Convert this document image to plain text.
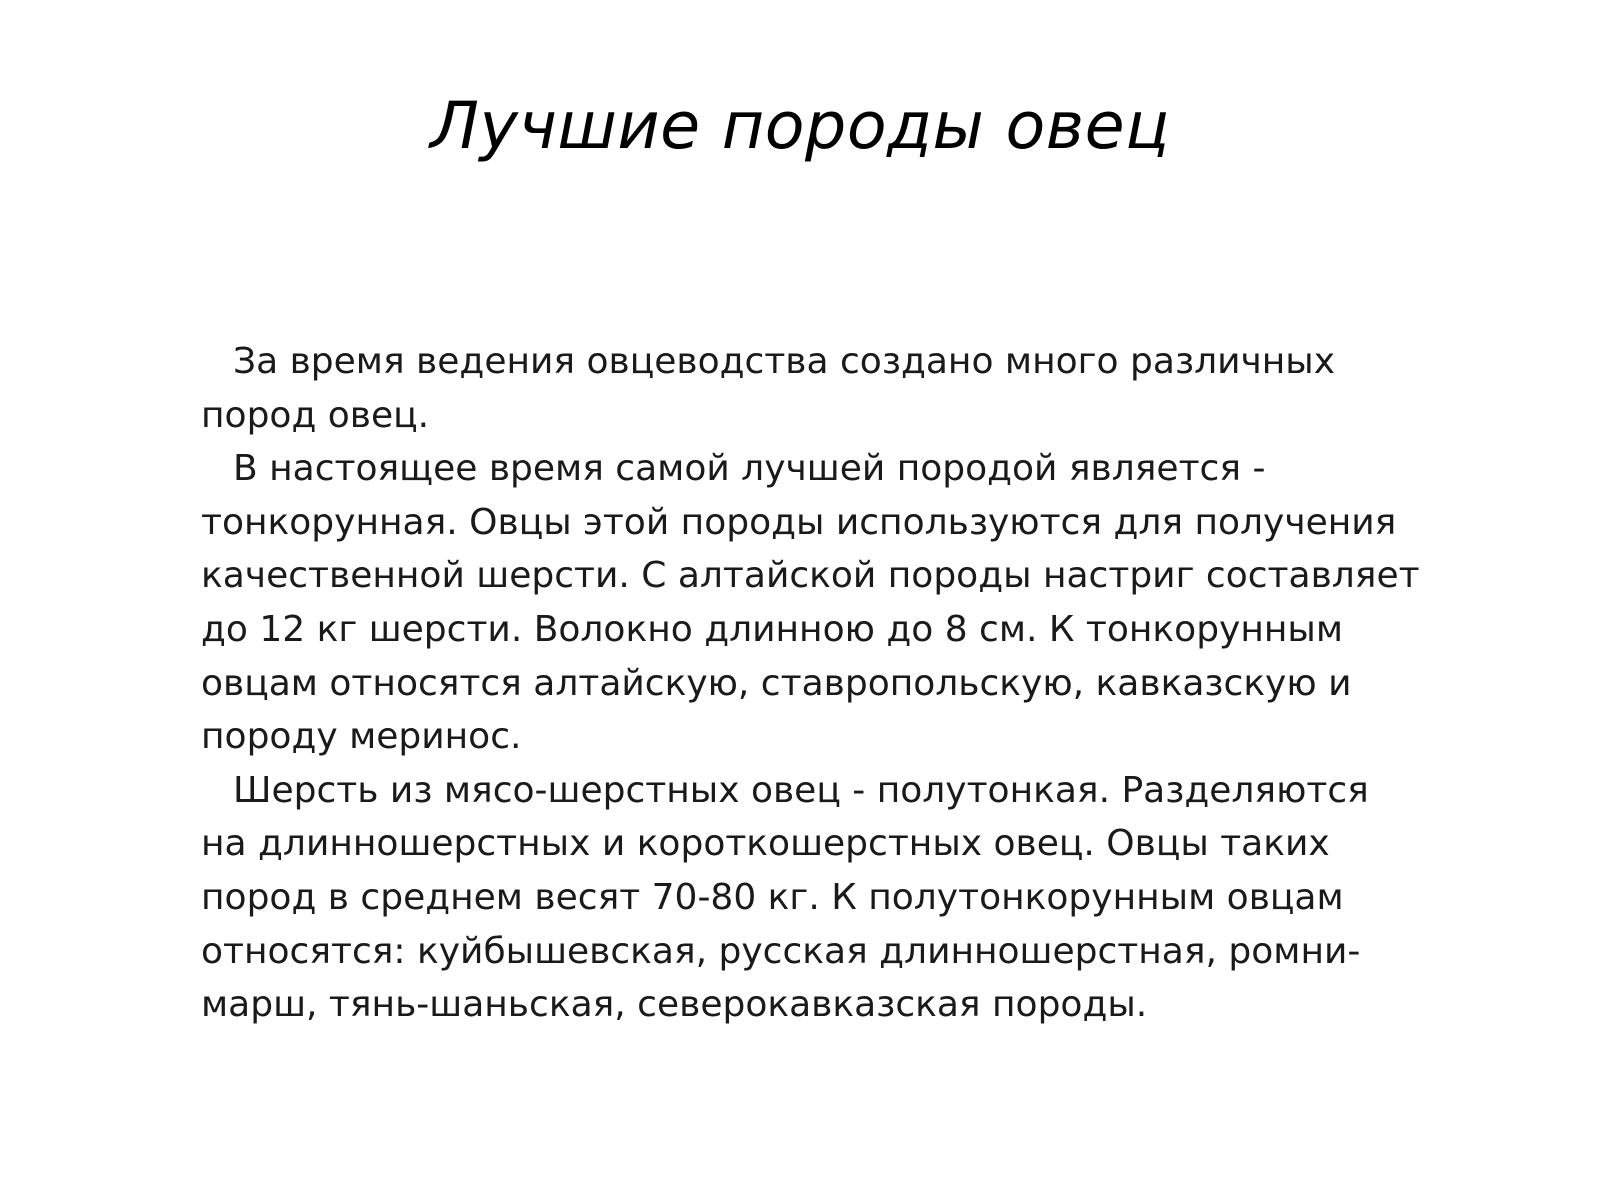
Лучшие породы овец
За время ведения овцеводства создано много различных
пород овец.
В настоящее время самой лучшей породой является -
тонкорунная. Овцы этой породы используются для получения
качественной шерсти. С алтайской породы настриг составляет
до 12 кг шерсти. Волокно длинною до 8 см. К тонкорунным
овцам относятся алтайскую, ставропольскую, кавказскую и
породу меринос.
Шерсть из мясо-шерстных овец - полутонкая. Разделяются
на длинношерстных и короткошерстных овец. Овцы таких
пород в среднем весят 70-80 кг. К полутонкорунным овцам
относятся: куйбышевская, русская длинношерстная, ромни-
марш, тянь-шаньская, северокавказская породы.
